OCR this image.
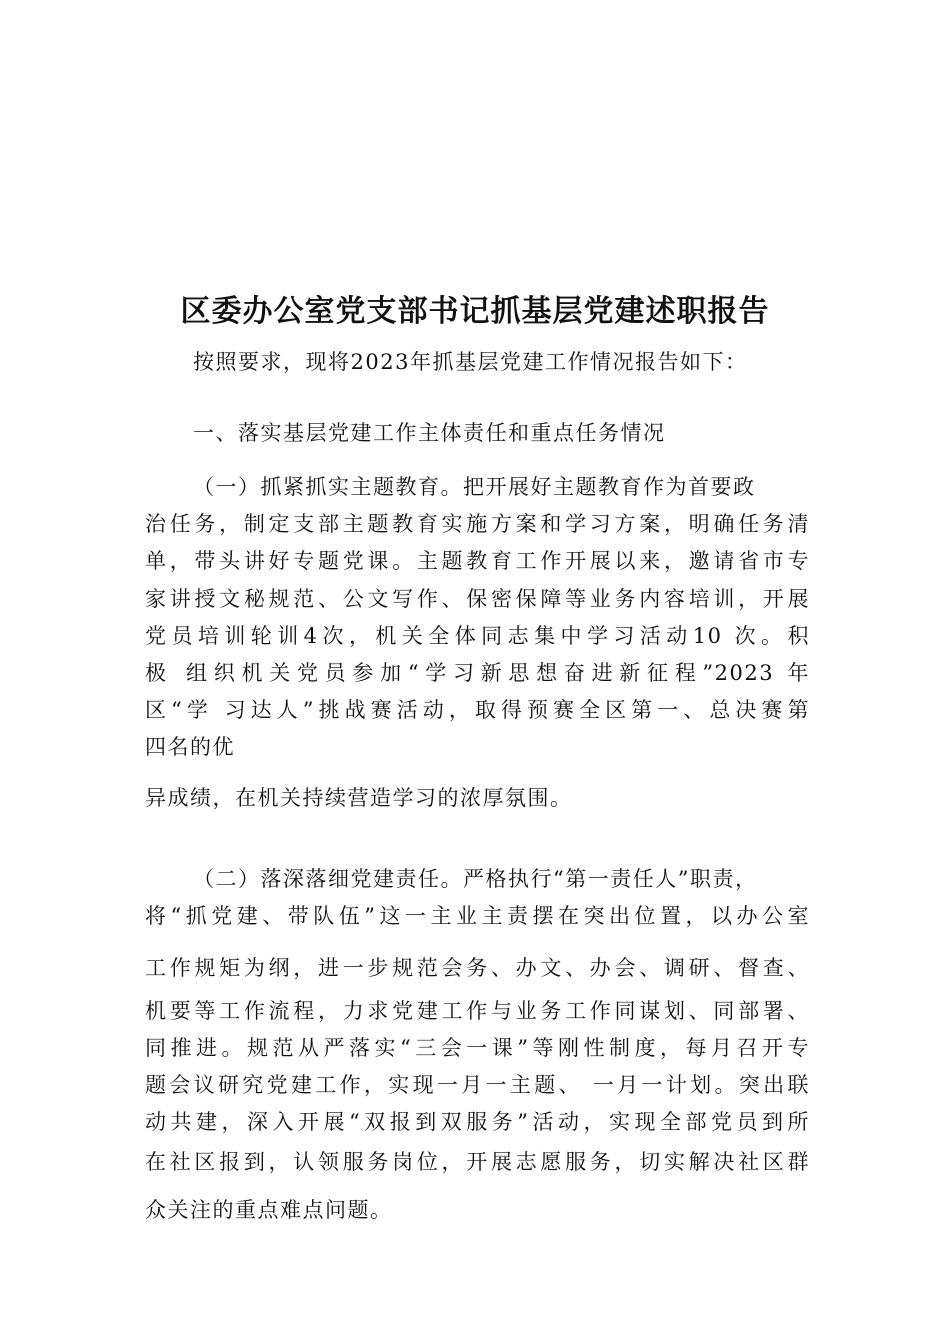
区委办公室党支部书记抓基层党建述职报告
按照要求，现将2023年抓基层党建工作情况报告如下：
一、落实基层党建工作主体责任和重点任务情况
（一）抓紧抓实主题教育。把开展好主题教育作为首要政
治任务，制定支部主题教育实施方案和学习方案，明确任务清
单，带头讲好专题党课。主题教育工作开展以来，邀请省市专
家讲授文秘规范、公文写作、保密保障等业务内容培训，开展
党员培训轮训4次，机关全体同志集中学习活动10 次。积
极 组织机关党员参加“学习新思想奋进新征程”2023 年
区“学 习达人”挑战赛活动，取得预赛全区第一、总决赛第
四名的优
异成绩，在机关持续营造学习的浓厚氛围。
（二）落深落细党建责任。严格执行“第一责任人”职责，
将“抓党建、带队伍”这一主业主责摆在突出位置，以办公室
工作规矩为纲，进一步规范会务、办文、办会、调研、督查、
机要等工作流程，力求党建工作与业务工作同谋划、同部署、
同推进。规范从严落实“三会一课”等刚性制度，每月召开专
题会议研究党建工作，实现一月一主题、 一月一计划。突出联
动共建，深入开展“双报到双服务”活动，实现全部党员到所
在社区报到，认领服务岗位，开展志愿服务，切实解决社区群
众关注的重点难点问题。
